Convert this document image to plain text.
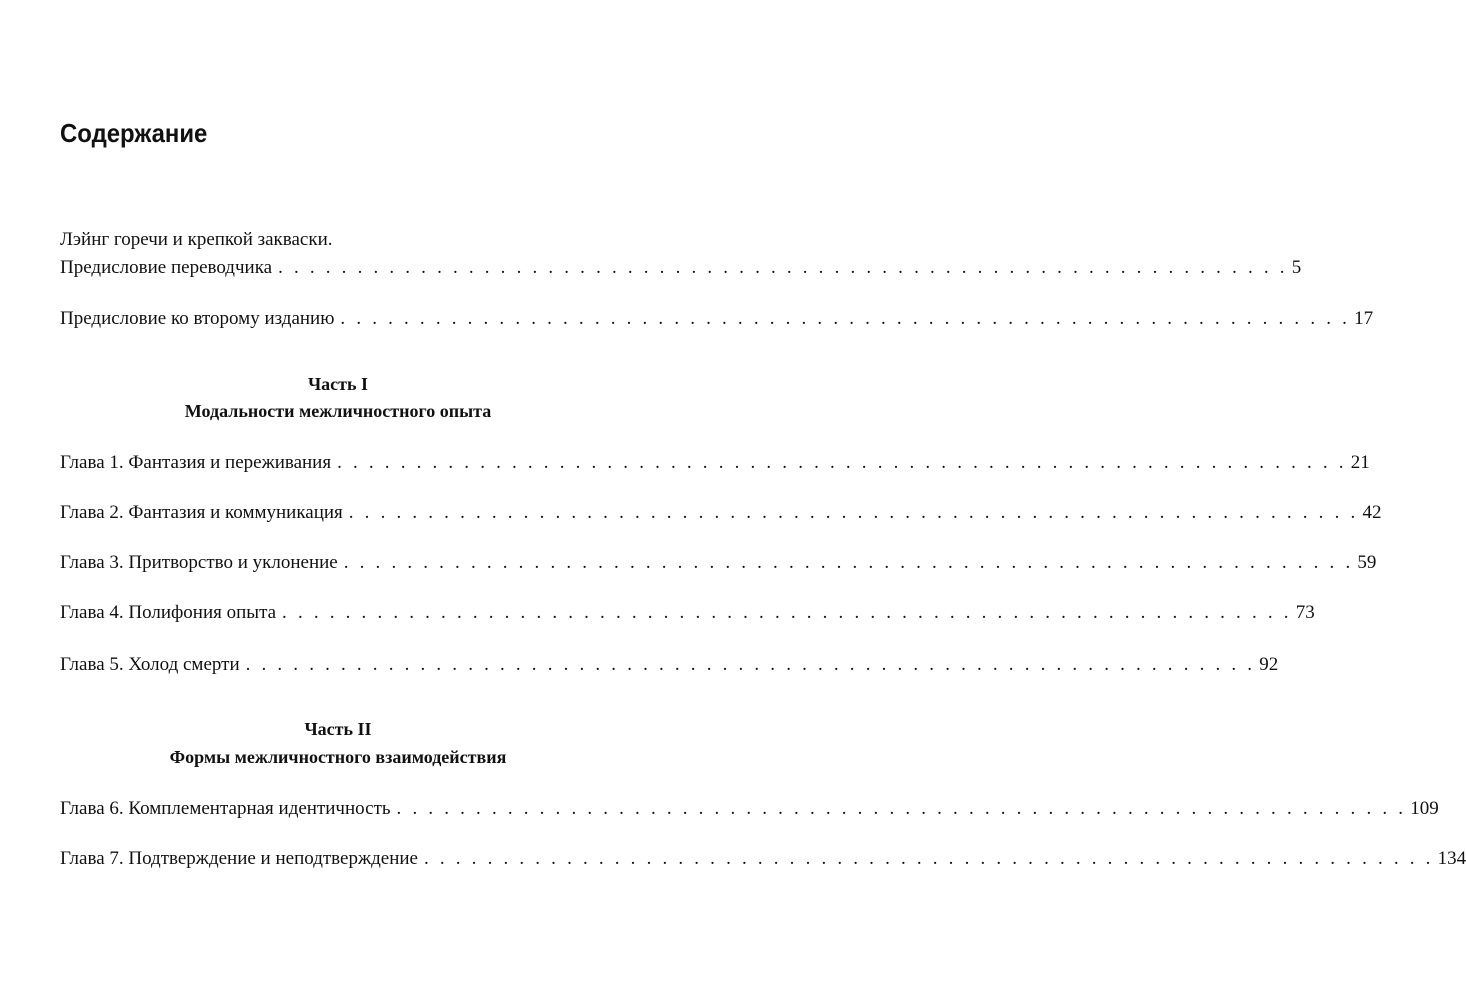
Содержание
Лэйнг горечи и крепкой закваски.
Предисловие переводчика . . . . . . . . . . . . . . . . . . . . . . . . . . . . . . . . . . . . . . . . . . . . . . . . . . . . . . . . . . . . . . . . 5
Предисловие ко второму изданию . . . . . . . . . . . . . . . . . . . . . . . . . . . . . . . . . . . . . . . . . . . . . . . . . . . . . . . . . . . . . . . . 17
Часть I
Модальности межличностного опыта
Глава 1. Фантазия и переживания . . . . . . . . . . . . . . . . . . . . . . . . . . . . . . . . . . . . . . . . . . . . . . . . . . . . . . . . . . . . . . . . 21
Глава 2. Фантазия и коммуникация . . . . . . . . . . . . . . . . . . . . . . . . . . . . . . . . . . . . . . . . . . . . . . . . . . . . . . . . . . . . . . . . 42
Глава 3. Притворство и уклонение . . . . . . . . . . . . . . . . . . . . . . . . . . . . . . . . . . . . . . . . . . . . . . . . . . . . . . . . . . . . . . . . 59
Глава 4. Полифония опыта . . . . . . . . . . . . . . . . . . . . . . . . . . . . . . . . . . . . . . . . . . . . . . . . . . . . . . . . . . . . . . . . 73
Глава 5. Холод смерти . . . . . . . . . . . . . . . . . . . . . . . . . . . . . . . . . . . . . . . . . . . . . . . . . . . . . . . . . . . . . . . . 92
Часть II
Формы межличностного взаимодействия
Глава 6. Комплементарная идентичность . . . . . . . . . . . . . . . . . . . . . . . . . . . . . . . . . . . . . . . . . . . . . . . . . . . . . . . . . . . . . . . . 109
Глава 7. Подтверждение и неподтверждение . . . . . . . . . . . . . . . . . . . . . . . . . . . . . . . . . . . . . . . . . . . . . . . . . . . . . . . . . . . . . . . . 134
